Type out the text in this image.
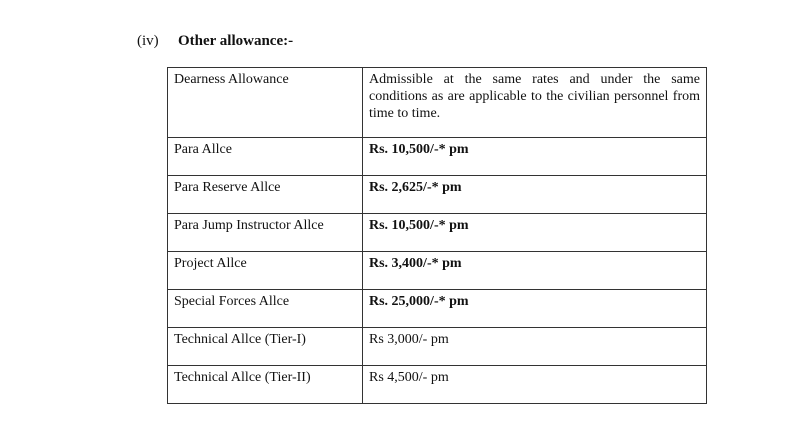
(iv) Other allowance:-
Dearness Allowance	Admissible at the same rates and under the same conditions as are applicable to the civilian personnel from time to time.
Para Allce	Rs. 10,500/-* pm
Para Reserve Allce	Rs. 2,625/-* pm
Para Jump Instructor Allce	Rs. 10,500/-* pm
Project Allce	Rs. 3,400/-* pm
Special Forces Allce	Rs. 25,000/-* pm
Technical Allce (Tier-I)	Rs 3,000/- pm
Technical Allce (Tier-II)	Rs 4,500/- pm
